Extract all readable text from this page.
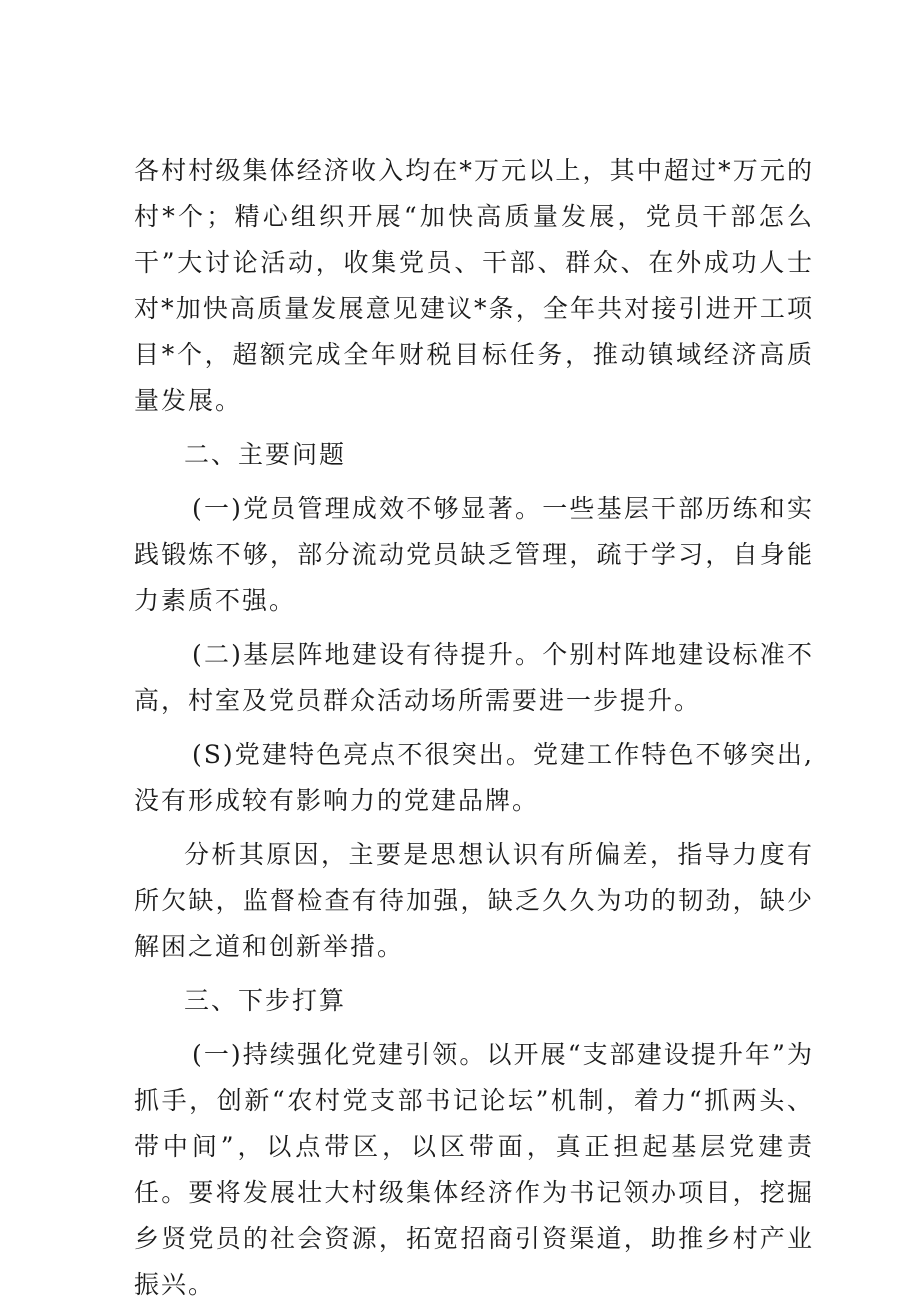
各村村级集体经济收入均在*万元以上，其中超过*万元的村*个；精心组织开展“加快高质量发展，党员干部怎么干”大讨论活动，收集党员、干部、群众、在外成功人士对*加快高质量发展意见建议*条，全年共对接引进开工项目*个，超额完成全年财税目标任务，推动镇域经济高质量发展。

二、主要问题

(一)党员管理成效不够显著。一些基层干部历练和实践锻炼不够，部分流动党员缺乏管理，疏于学习，自身能力素质不强。

(二)基层阵地建设有待提升。个别村阵地建设标准不高，村室及党员群众活动场所需要进一步提升。

(S)党建特色亮点不很突出。党建工作特色不够突出,没有形成较有影响力的党建品牌。

分析其原因，主要是思想认识有所偏差，指导力度有所欠缺，监督检查有待加强，缺乏久久为功的韧劲，缺少解困之道和创新举措。

三、下步打算

(一)持续强化党建引领。以开展“支部建设提升年”为抓手，创新“农村党支部书记论坛”机制，着力“抓两头、带中间”，以点带区，以区带面，真正担起基层党建责任。要将发展壮大村级集体经济作为书记领办项目，挖掘乡贤党员的社会资源，拓宽招商引资渠道，助推乡村产业振兴。
